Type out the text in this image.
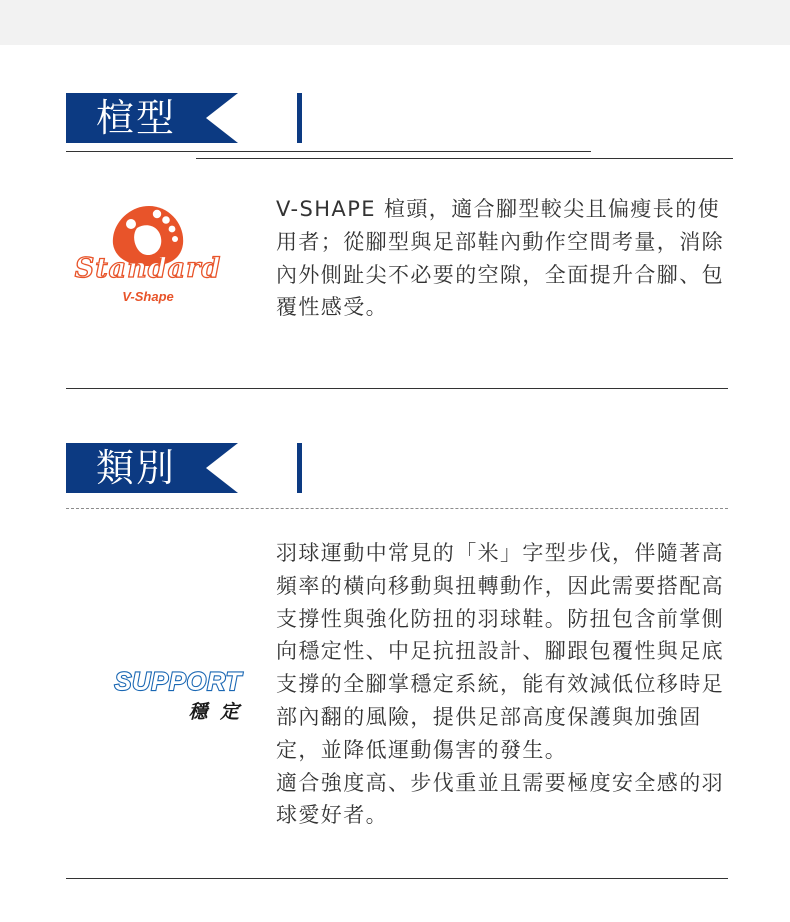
楦型
Standard
V-Shape

V-SHAPE 楦頭，適合腳型較尖且偏瘦長的使用者；從腳型與足部鞋內動作空間考量，消除內外側趾尖不必要的空隙，全面提升合腳、包覆性感受。

類別
SUPPORT
穩 定

羽球運動中常見的「米」字型步伐，伴隨著高頻率的橫向移動與扭轉動作，因此需要搭配高支撐性與強化防扭的羽球鞋。防扭包含前掌側向穩定性、中足抗扭設計、腳跟包覆性與足底支撐的全腳掌穩定系統，能有效減低位移時足部內翻的風險，提供足部高度保護與加強固定，並降低運動傷害的發生。

適合強度高、步伐重並且需要極度安全感的羽球愛好者。
